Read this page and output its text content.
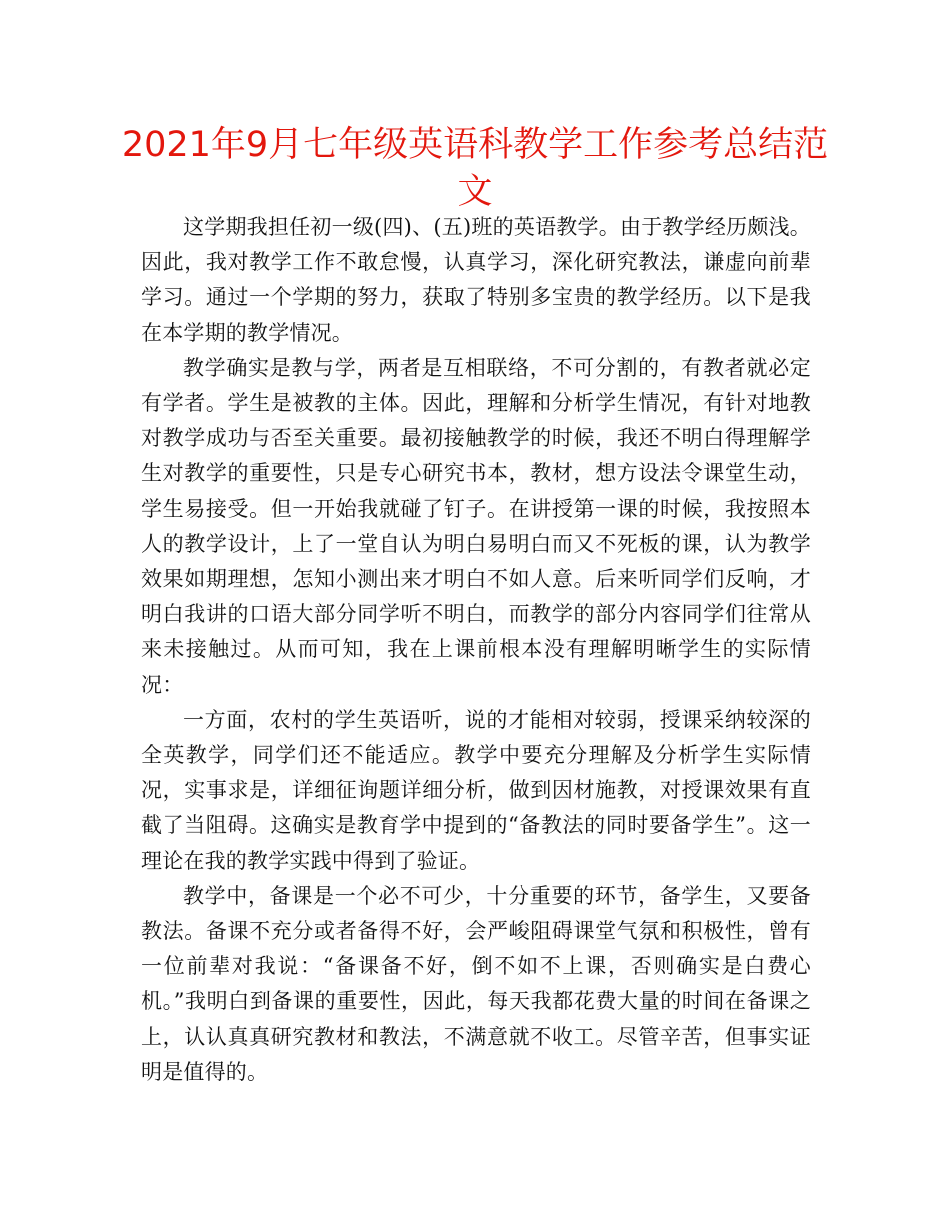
2021年9月七年级英语科教学工作参考总结范文

这学期我担任初一级(四)、(五)班的英语教学。由于教学经历颇浅。因此，我对教学工作不敢怠慢，认真学习，深化研究教法，谦虚向前辈学习。通过一个学期的努力，获取了特别多宝贵的教学经历。以下是我在本学期的教学情况。

教学确实是教与学，两者是互相联络，不可分割的，有教者就必定有学者。学生是被教的主体。因此，理解和分析学生情况，有针对地教对教学成功与否至关重要。最初接触教学的时候，我还不明白得理解学生对教学的重要性，只是专心研究书本，教材，想方设法令课堂生动，学生易接受。但一开始我就碰了钉子。在讲授第一课的时候，我按照本人的教学设计，上了一堂自认为明白易明白而又不死板的课，认为教学效果如期理想，怎知小测出来才明白不如人意。后来听同学们反响，才明白我讲的口语大部分同学听不明白，而教学的部分内容同学们往常从来未接触过。从而可知，我在上课前根本没有理解明晰学生的实际情况：

一方面，农村的学生英语听，说的才能相对较弱，授课采纳较深的全英教学，同学们还不能适应。教学中要充分理解及分析学生实际情况，实事求是，详细征询题详细分析，做到因材施教，对授课效果有直截了当阻碍。这确实是教育学中提到的“备教法的同时要备学生”。这一理论在我的教学实践中得到了验证。

教学中，备课是一个必不可少，十分重要的环节，备学生，又要备教法。备课不充分或者备得不好，会严峻阻碍课堂气氛和积极性，曾有一位前辈对我说：“备课备不好，倒不如不上课，否则确实是白费心机。”我明白到备课的重要性，因此，每天我都花费大量的时间在备课之上，认认真真研究教材和教法，不满意就不收工。尽管辛苦，但事实证明是值得的。
